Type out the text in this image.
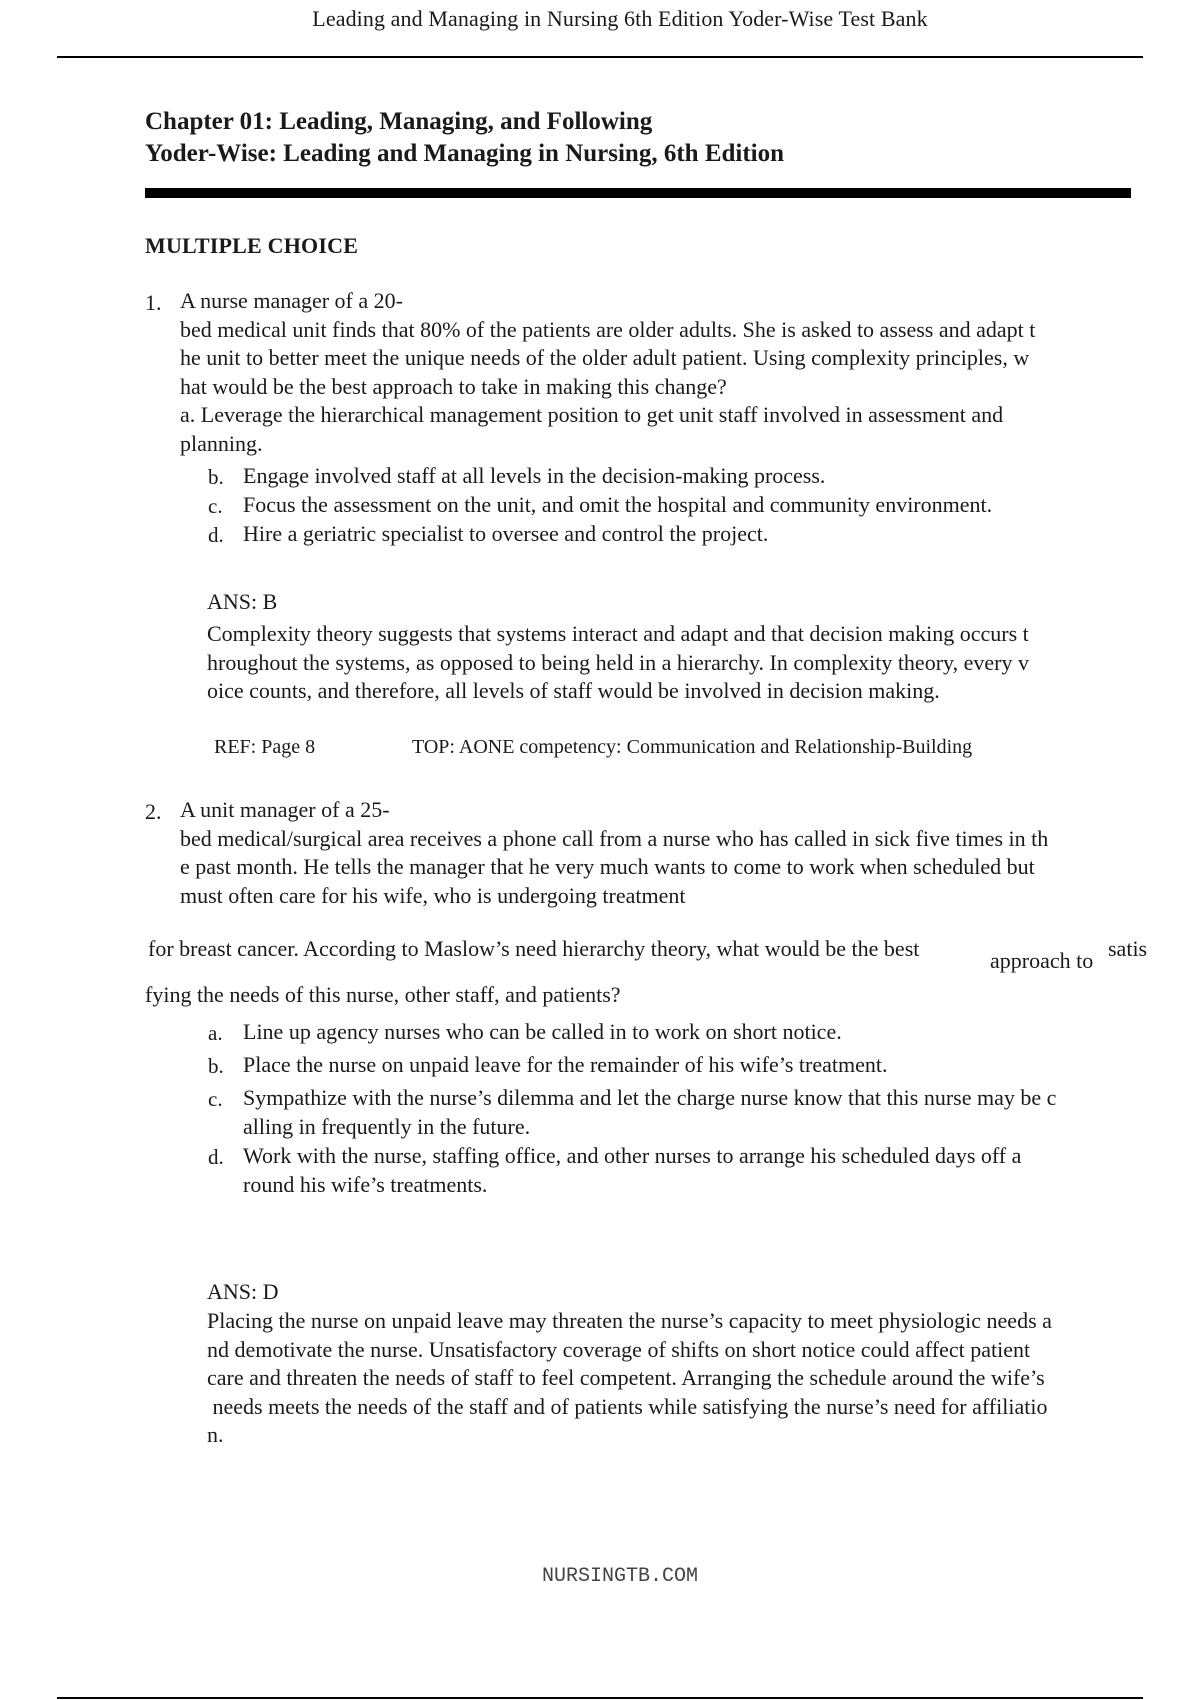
Leading and Managing in Nursing 6th Edition Yoder-Wise Test Bank
Chapter 01: Leading, Managing, and Following
Yoder-Wise: Leading and Managing in Nursing, 6th Edition
MULTIPLE CHOICE
1. A nurse manager of a 20-
bed medical unit finds that 80% of the patients are older adults. She is asked to assess and adapt t
he unit to better meet the unique needs of the older adult patient. Using complexity principles, w
hat would be the best approach to take in making this change?
a. Leverage the hierarchical management position to get unit staff involved in assessment and
planning.
b. Engage involved staff at all levels in the decision-making process.
c. Focus the assessment on the unit, and omit the hospital and community environment.
d. Hire a geriatric specialist to oversee and control the project.
ANS: B
Complexity theory suggests that systems interact and adapt and that decision making occurs t
hroughout the systems, as opposed to being held in a hierarchy. In complexity theory, every v
oice counts, and therefore, all levels of staff would be involved in decision making.
REF: Page 8	TOP: AONE competency: Communication and Relationship-Building
2. A unit manager of a 25-
bed medical/surgical area receives a phone call from a nurse who has called in sick five times in th
e past month. He tells the manager that he very much wants to come to work when scheduled but
must often care for his wife, who is undergoing treatment
for breast cancer. According to Maslow’s need hierarchy theory, what would be the best	approach to satis
fying the needs of this nurse, other staff, and patients?
a. Line up agency nurses who can be called in to work on short notice.
b. Place the nurse on unpaid leave for the remainder of his wife’s treatment.
c. Sympathize with the nurse’s dilemma and let the charge nurse know that this nurse may be c
alling in frequently in the future.
d. Work with the nurse, staffing office, and other nurses to arrange his scheduled days off a
round his wife’s treatments.
ANS: D
Placing the nurse on unpaid leave may threaten the nurse’s capacity to meet physiologic needs a
nd demotivate the nurse. Unsatisfactory coverage of shifts on short notice could affect patient
care and threaten the needs of staff to feel competent. Arranging the schedule around the wife’s
needs meets the needs of the staff and of patients while satisfying the nurse’s need for affiliatio
n.
NURSINGTB.COM
